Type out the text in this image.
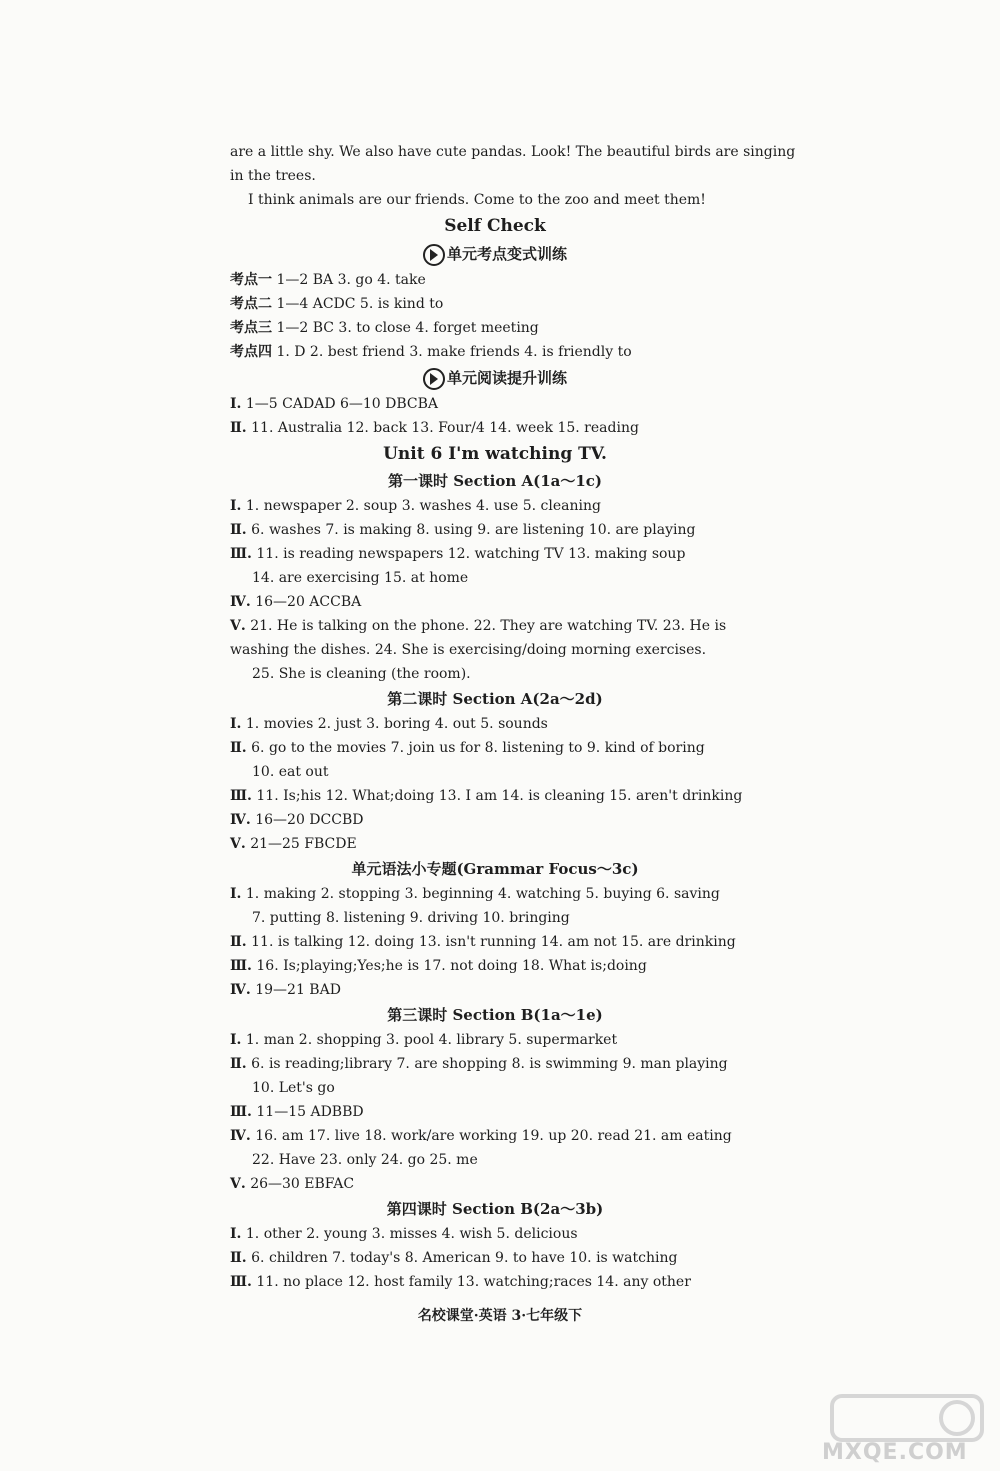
are a little shy. We also have cute pandas. Look! The beautiful birds are singing
in the trees.
I think animals are our friends. Come to the zoo and meet them!
Self Check
单元考点变式训练
考点一 1—2 BA 3. go 4. take
考点二 1—4 ACDC 5. is kind to
考点三 1—2 BC 3. to close 4. forget meeting
考点四 1. D 2. best friend 3. make friends 4. is friendly to
单元阅读提升训练
Ⅰ. 1—5 CADAD 6—10 DBCBA
Ⅱ. 11. Australia 12. back 13. Four/4 14. week 15. reading
Unit 6 I'm watching TV.
第一课时 Section A(1a～1c)
Ⅰ. 1. newspaper 2. soup 3. washes 4. use 5. cleaning
Ⅱ. 6. washes 7. is making 8. using 9. are listening 10. are playing
Ⅲ. 11. is reading newspapers 12. watching TV 13. making soup
14. are exercising 15. at home
Ⅳ. 16—20 ACCBA
Ⅴ. 21. He is talking on the phone. 22. They are watching TV. 23. He is
washing the dishes. 24. She is exercising/doing morning exercises.
25. She is cleaning (the room).
第二课时 Section A(2a～2d)
Ⅰ. 1. movies 2. just 3. boring 4. out 5. sounds
Ⅱ. 6. go to the movies 7. join us for 8. listening to 9. kind of boring
10. eat out
Ⅲ. 11. Is;his 12. What;doing 13. I am 14. is cleaning 15. aren't drinking
Ⅳ. 16—20 DCCBD
Ⅴ. 21—25 FBCDE
单元语法小专题(Grammar Focus～3c)
Ⅰ. 1. making 2. stopping 3. beginning 4. watching 5. buying 6. saving
7. putting 8. listening 9. driving 10. bringing
Ⅱ. 11. is talking 12. doing 13. isn't running 14. am not 15. are drinking
Ⅲ. 16. Is;playing;Yes;he is 17. not doing 18. What is;doing
Ⅳ. 19—21 BAD
第三课时 Section B(1a～1e)
Ⅰ. 1. man 2. shopping 3. pool 4. library 5. supermarket
Ⅱ. 6. is reading;library 7. are shopping 8. is swimming 9. man playing
10. Let's go
Ⅲ. 11—15 ADBBD
Ⅳ. 16. am 17. live 18. work/are working 19. up 20. read 21. am eating
22. Have 23. only 24. go 25. me
Ⅴ. 26—30 EBFAC
第四课时 Section B(2a～3b)
Ⅰ. 1. other 2. young 3. misses 4. wish 5. delicious
Ⅱ. 6. children 7. today's 8. American 9. to have 10. is watching
Ⅲ. 11. no place 12. host family 13. watching;races 14. any other
名校课堂·英语 3·七年级下
MXQE.COM
